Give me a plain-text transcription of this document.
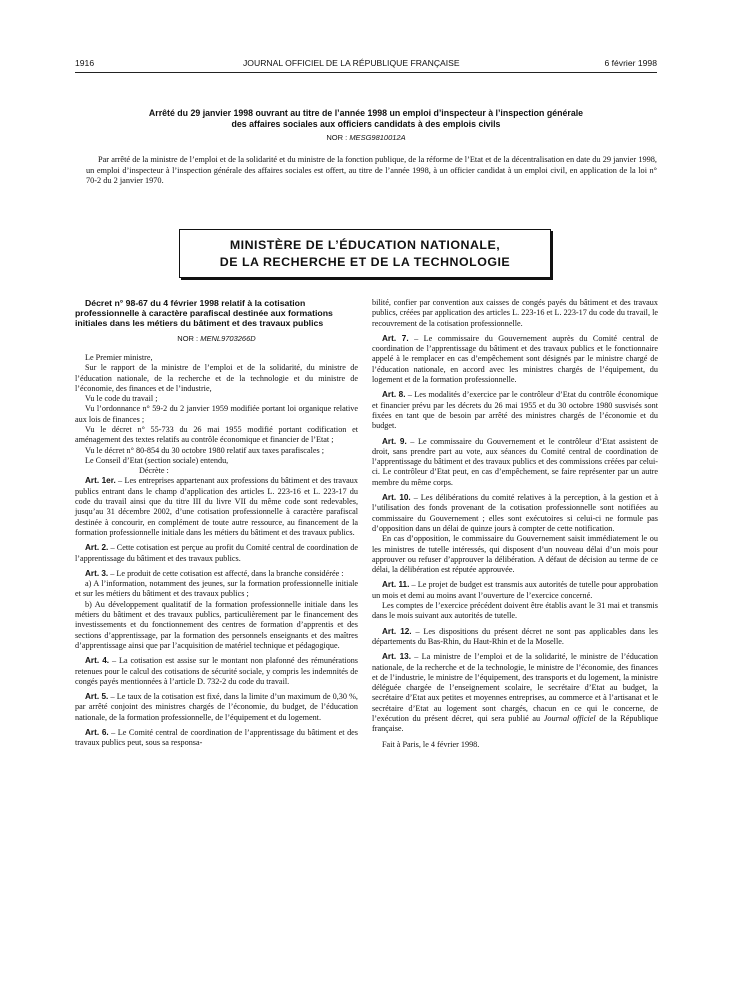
1916	JOURNAL OFFICIEL DE LA RÉPUBLIQUE FRANÇAISE	6 février 1998
Arrêté du 29 janvier 1998 ouvrant au titre de l’année 1998 un emploi d’inspecteur à l’inspection générale
des affaires sociales aux officiers candidats à des emplois civils
NOR : MESG9810012A

Par arrêté de la ministre de l’emploi et de la solidarité et du ministre de la fonction publique, de la réforme de l’Etat et de la décentralisation en date du 29 janvier 1998, un emploi d’inspecteur à l’inspection générale des affaires sociales est offert, au titre de l’année 1998, à un officier candidat à un emploi civil, en application de la loi n° 70-2 du 2 janvier 1970.

MINISTÈRE DE L’ÉDUCATION NATIONALE,
DE LA RECHERCHE ET DE LA TECHNOLOGIE

Décret n° 98-67 du 4 février 1998 relatif à la cotisation professionnelle à caractère parafiscal destinée aux formations initiales dans les métiers du bâtiment et des travaux publics

NOR : MENL9703266D

Le Premier ministre,

Sur le rapport de la ministre de l’emploi et de la solidarité, du ministre de l’éducation nationale, de la recherche et de la technologie et du ministre de l’économie, des finances et de l’industrie,

Vu le code du travail ;

Vu l’ordonnance n° 59-2 du 2 janvier 1959 modifiée portant loi organique relative aux lois de finances ;

Vu le décret n° 55-733 du 26 mai 1955 modifié portant codification et aménagement des textes relatifs au contrôle économique et financier de l’Etat ;

Vu le décret n° 80-854 du 30 octobre 1980 relatif aux taxes parafiscales ;

Le Conseil d’Etat (section sociale) entendu,

Décrète :

Art. 1er. – Les entreprises appartenant aux professions du bâtiment et des travaux publics entrant dans le champ d’application des articles L. 223-16 et L. 223-17 du code du travail ainsi que du titre III du livre VII du même code sont redevables, jusqu’au 31 décembre 2002, d’une cotisation professionnelle à caractère parafiscal destinée à concourir, en complément de toute autre ressource, au financement de la formation professionnelle initiale dans les métiers du bâtiment et des travaux publics.

Art. 2. – Cette cotisation est perçue au profit du Comité central de coordination de l’apprentissage du bâtiment et des travaux publics.

Art. 3. – Le produit de cette cotisation est affecté, dans la branche considérée :

a) A l’information, notamment des jeunes, sur la formation professionnelle initiale et sur les métiers du bâtiment et des travaux publics ;

b) Au développement qualitatif de la formation professionnelle initiale dans les métiers du bâtiment et des travaux publics, particulièrement par le financement des investissements et du fonctionnement des centres de formation d’apprentis et des sections d’apprentissage, par la formation des personnels enseignants et des maîtres d’apprentissage ainsi que par l’acquisition de matériel technique et pédagogique.

Art. 4. – La cotisation est assise sur le montant non plafonné des rémunérations retenues pour le calcul des cotisations de sécurité sociale, y compris les indemnités de congés payés mentionnées à l’article D. 732-2 du code du travail.

Art. 5. – Le taux de la cotisation est fixé, dans la limite d’un maximum de 0,30 %, par arrêté conjoint des ministres chargés de l’économie, du budget, de l’éducation nationale, de la formation professionnelle, de l’équipement et du logement.

Art. 6. – Le Comité central de coordination de l’apprentissage du bâtiment et des travaux publics peut, sous sa responsa-

bilité, confier par convention aux caisses de congés payés du bâtiment et des travaux publics, créées par application des articles L. 223-16 et L. 223-17 du code du travail, le recouvrement de la cotisation professionnelle.

Art. 7. – Le commissaire du Gouvernement auprès du Comité central de coordination de l’apprentissage du bâtiment et des travaux publics et le fonctionnaire appelé à le remplacer en cas d’empêchement sont désignés par le ministre chargé de l’éducation nationale, en accord avec les ministres chargés de l’équipement, du logement et de la formation professionnelle.

Art. 8. – Les modalités d’exercice par le contrôleur d’Etat du contrôle économique et financier prévu par les décrets du 26 mai 1955 et du 30 octobre 1980 susvisés sont fixées en tant que de besoin par arrêté des ministres chargés de l’économie et du budget.

Art. 9. – Le commissaire du Gouvernement et le contrôleur d’Etat assistent de droit, sans prendre part au vote, aux séances du Comité central de coordination de l’apprentissage du bâtiment et des travaux publics et des commissions créées par celui-ci. Le contrôleur d’Etat peut, en cas d’empêchement, se faire représenter par un autre membre du même corps.

Art. 10. – Les délibérations du comité relatives à la perception, à la gestion et à l’utilisation des fonds provenant de la cotisation professionnelle sont notifiées au commissaire du Gouvernement ; elles sont exécutoires si celui-ci ne formule pas d’opposition dans un délai de quinze jours à compter de cette notification.

En cas d’opposition, le commissaire du Gouvernement saisit immédiatement le ou les ministres de tutelle intéressés, qui disposent d’un nouveau délai d’un mois pour approuver ou refuser d’approuver la délibération. A défaut de décision au terme de ce délai, la délibération est réputée approuvée.

Art. 11. – Le projet de budget est transmis aux autorités de tutelle pour approbation un mois et demi au moins avant l’ouverture de l’exercice concerné.

Les comptes de l’exercice précédent doivent être établis avant le 31 mai et transmis dans le mois suivant aux autorités de tutelle.

Art. 12. – Les dispositions du présent décret ne sont pas applicables dans les départements du Bas-Rhin, du Haut-Rhin et de la Moselle.

Art. 13. – La ministre de l’emploi et de la solidarité, le ministre de l’éducation nationale, de la recherche et de la technologie, le ministre de l’économie, des finances et de l’industrie, le ministre de l’équipement, des transports et du logement, la ministre déléguée chargée de l’enseignement scolaire, le secrétaire d’Etat au budget, la secrétaire d’Etat aux petites et moyennes entreprises, au commerce et à l’artisanat et le secrétaire d’Etat au logement sont chargés, chacun en ce qui le concerne, de l’exécution du présent décret, qui sera publié au Journal officiel de la République française.

Fait à Paris, le 4 février 1998.
